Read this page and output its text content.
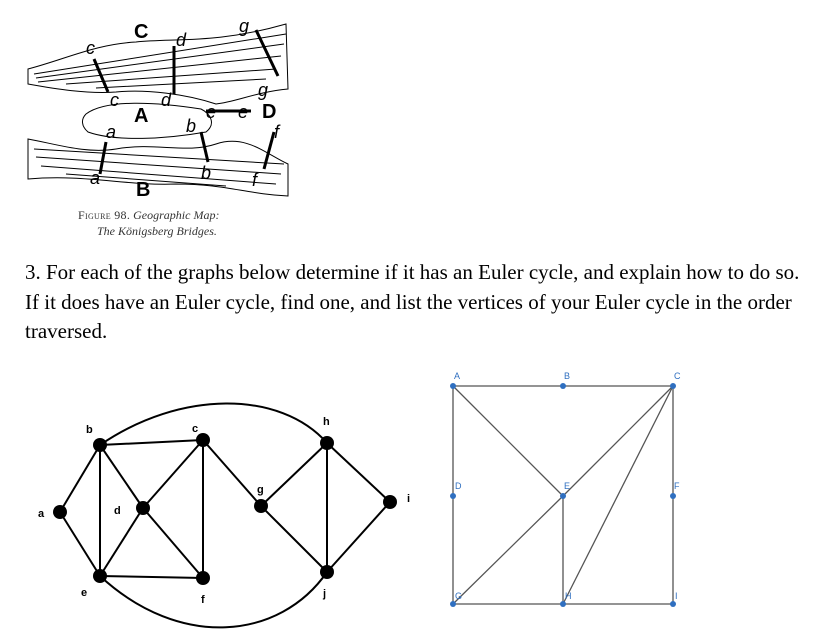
c
c
d
d
g
g
e e
b
b
a
a
f
f
C
A
B
D
Figure 98. Geographic Map:
The Königsberg Bridges.
3. For each of the graphs below determine if it has an Euler cycle, and explain how to do so. If it does have an Euler cycle, find one, and list the vertices of your Euler cycle in the order traversed.
a
b	c
d
e
f
g
h
i
j
A	B	C
D	E	F
G	H	I
